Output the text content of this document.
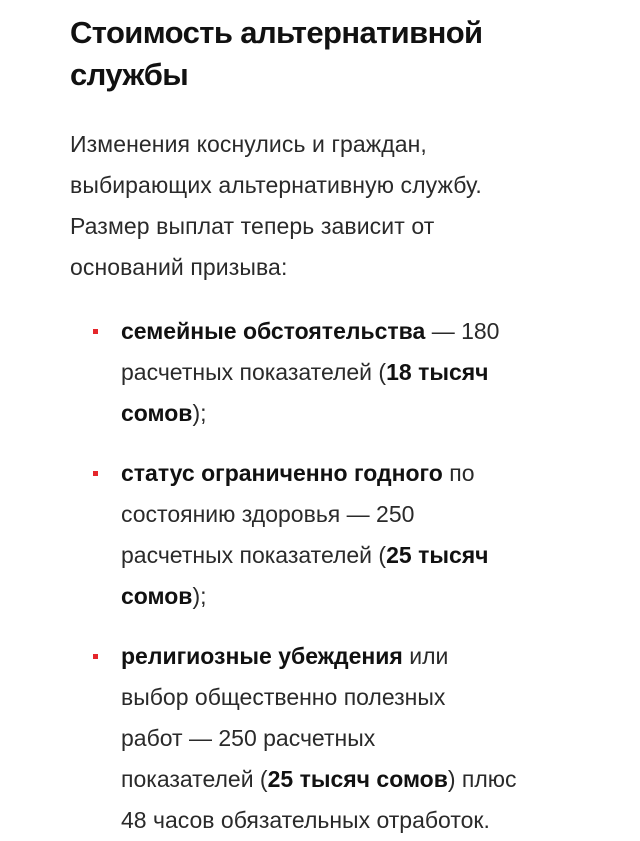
Стоимость альтернативной
службы

Изменения коснулись и граждан,
выбирающих альтернативную службу.
Размер выплат теперь зависит от
оснований призыва:

семейные обстоятельства — 180
расчетных показателей (18 тысяч
сомов);
статус ограниченно годного по
состоянию здоровья — 250
расчетных показателей (25 тысяч
сомов);
религиозные убеждения или
выбор общественно полезных
работ — 250 расчетных
показателей (25 тысяч сомов) плюс
48 часов обязательных отработок.
